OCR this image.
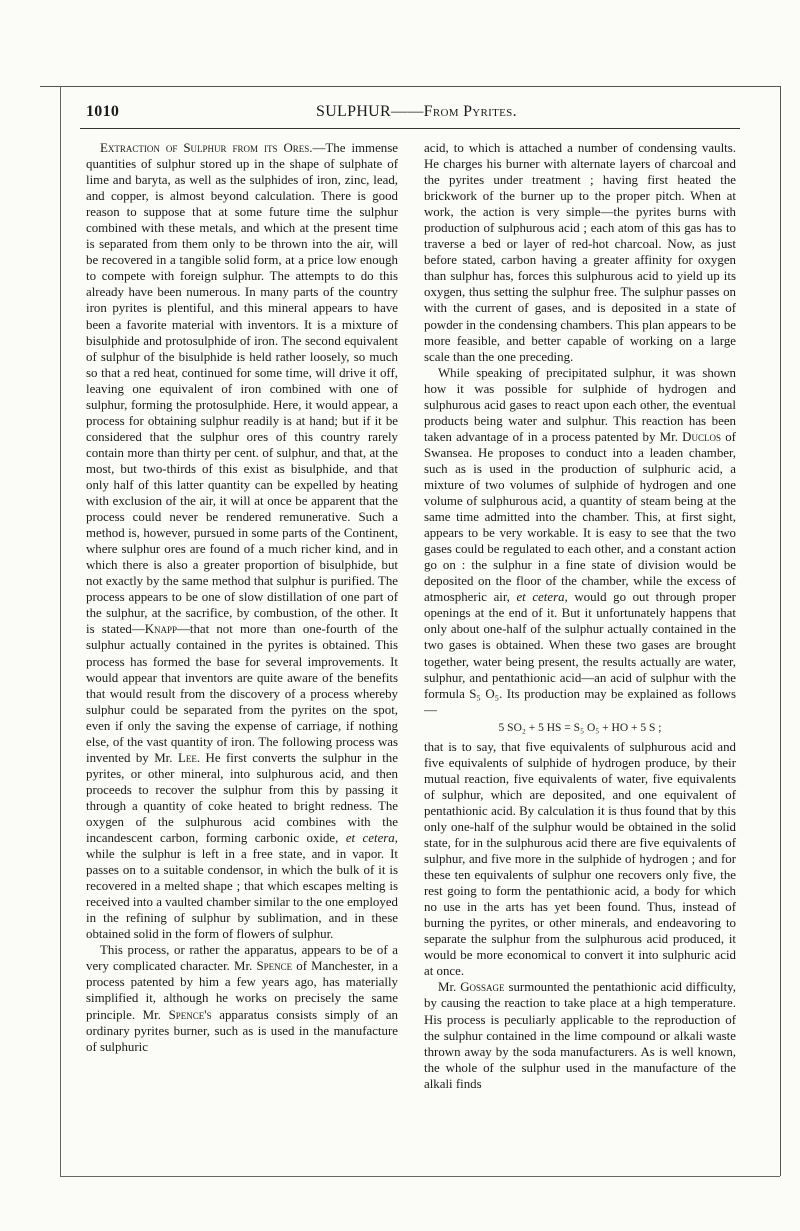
1010	SULPHUR——From Pyrites.

Extraction of Sulphur from its Ores.—The immense quantities of sulphur stored up in the shape of sulphate of lime and baryta, as well as the sulphides of iron, zinc, lead, and copper, is almost beyond calculation. There is good reason to suppose that at some future time the sulphur combined with these metals, and which at the present time is separated from them only to be thrown into the air, will be recovered in a tangible solid form, at a price low enough to compete with foreign sulphur. The attempts to do this already have been numerous. In many parts of the country iron pyrites is plentiful, and this mineral appears to have been a favorite material with inventors. It is a mixture of bisulphide and protosulphide of iron. The second equivalent of sulphur of the bisulphide is held rather loosely, so much so that a red heat, continued for some time, will drive it off, leaving one equivalent of iron combined with one of sulphur, forming the protosulphide. Here, it would appear, a process for obtaining sulphur readily is at hand; but if it be considered that the sulphur ores of this country rarely contain more than thirty per cent. of sulphur, and that, at the most, but two-thirds of this exist as bisulphide, and that only half of this latter quantity can be expelled by heating with exclusion of the air, it will at once be apparent that the process could never be rendered remunerative. Such a method is, however, pursued in some parts of the Continent, where sulphur ores are found of a much richer kind, and in which there is also a greater proportion of bisulphide, but not exactly by the same method that sulphur is purified. The process appears to be one of slow distillation of one part of the sulphur, at the sacrifice, by combustion, of the other. It is stated—Knapp—that not more than one-fourth of the sulphur actually contained in the pyrites is obtained. This process has formed the base for several improvements. It would appear that inventors are quite aware of the benefits that would result from the discovery of a process whereby sulphur could be separated from the pyrites on the spot, even if only the saving the expense of carriage, if nothing else, of the vast quantity of iron. The following process was invented by Mr. Lee. He first converts the sulphur in the pyrites, or other mineral, into sulphurous acid, and then proceeds to recover the sulphur from this by passing it through a quantity of coke heated to bright redness. The oxygen of the sulphurous acid combines with the incandescent carbon, forming carbonic oxide, et cetera, while the sulphur is left in a free state, and in vapor. It passes on to a suitable condensor, in which the bulk of it is recovered in a melted shape ; that which escapes melting is received into a vaulted chamber similar to the one employed in the refining of sulphur by sublimation, and in these obtained solid in the form of flowers of sulphur.

This process, or rather the apparatus, appears to be of a very complicated character. Mr. Spence of Manchester, in a process patented by him a few years ago, has materially simplified it, although he works on precisely the same principle. Mr. Spence's apparatus consists simply of an ordinary pyrites burner, such as is used in the manufacture of sulphuric

acid, to which is attached a number of condensing vaults. He charges his burner with alternate layers of charcoal and the pyrites under treatment ; having first heated the brickwork of the burner up to the proper pitch. When at work, the action is very simple—the pyrites burns with production of sulphurous acid ; each atom of this gas has to traverse a bed or layer of red-hot charcoal. Now, as just before stated, carbon having a greater affinity for oxygen than sulphur has, forces this sulphurous acid to yield up its oxygen, thus setting the sulphur free. The sulphur passes on with the current of gases, and is deposited in a state of powder in the condensing chambers. This plan appears to be more feasible, and better capable of working on a large scale than the one preceding.

While speaking of precipitated sulphur, it was shown how it was possible for sulphide of hydrogen and sulphurous acid gases to react upon each other, the eventual products being water and sulphur. This reaction has been taken advantage of in a process patented by Mr. Duclos of Swansea. He proposes to conduct into a leaden chamber, such as is used in the production of sulphuric acid, a mixture of two volumes of sulphide of hydrogen and one volume of sulphurous acid, a quantity of steam being at the same time admitted into the chamber. This, at first sight, appears to be very workable. It is easy to see that the two gases could be regulated to each other, and a constant action go on : the sulphur in a fine state of division would be deposited on the floor of the chamber, while the excess of atmospheric air, et cetera, would go out through proper openings at the end of it. But it unfortunately happens that only about one-half of the sulphur actually contained in the two gases is obtained. When these two gases are brought together, water being present, the results actually are water, sulphur, and pentathionic acid—an acid of sulphur with the formula S₅ O₅. Its production may be explained as follows—

5 SO₂ + 5 HS = S₅ O₅ + HO + 5 S ;

that is to say, that five equivalents of sulphurous acid and five equivalents of sulphide of hydrogen produce, by their mutual reaction, five equivalents of water, five equivalents of sulphur, which are deposited, and one equivalent of pentathionic acid. By calculation it is thus found that by this only one-half of the sulphur would be obtained in the solid state, for in the sulphurous acid there are five equivalents of sulphur, and five more in the sulphide of hydrogen ; and for these ten equivalents of sulphur one recovers only five, the rest going to form the pentathionic acid, a body for which no use in the arts has yet been found. Thus, instead of burning the pyrites, or other minerals, and endeavoring to separate the sulphur from the sulphurous acid produced, it would be more economical to convert it into sulphuric acid at once.

Mr. Gossage surmounted the pentathionic acid difficulty, by causing the reaction to take place at a high temperature. His process is peculiarly applicable to the reproduction of the sulphur contained in the lime compound or alkali waste thrown away by the soda manufacturers. As is well known, the whole of the sulphur used in the manufacture of the alkali finds
